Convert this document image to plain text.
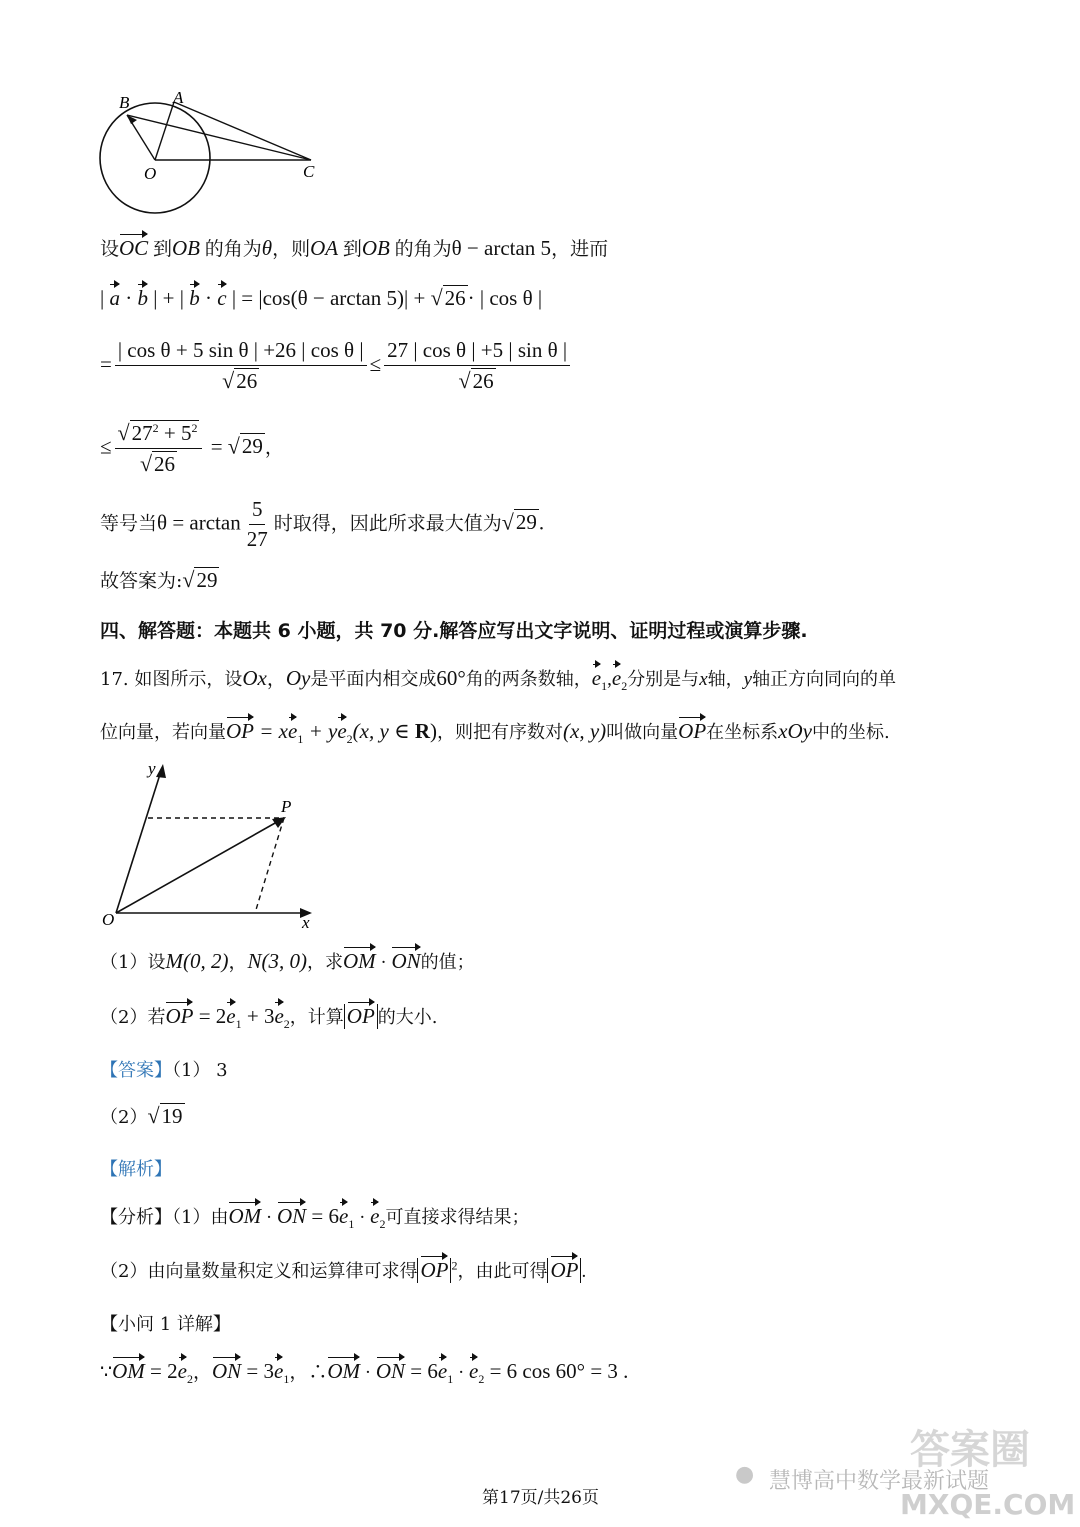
B	A
O	C
设OC 到OB 的角为θ，则OA 到OB 的角为θ − arctan 5，进而
| a · b | + | b · c | = |cos(θ − arctan 5)| + √26· | cos θ |
= $\frac{\text{| cos θ + 5 sin θ | +26 | cos θ |}}{√26} \le \frac{\text{27 | cos θ | +5 | sin θ |}}{√26}$
≤ $\frac{√27^2 + 5^2}{√26} = √29$ ，
等号当$\theta = \arctan \frac{5}{27}$ 时取得，因此所求最大值为√29.
故答案为:√29
四、解答题：本题共 6 小题，共 70 分.解答应写出文字说明、证明过程或演算步骤.
17. 如图所示，设Ox，Oy是平面内相交成60°角的两条数轴，$e_1,e_2$分别是与x轴，y轴正方向同向的单
位向量，若向量OP = $xe_1 + ye_2(x$, y ∈ R)，则把有序数对(x, y)叫做向量OP在坐标系xOy中的坐标.
y
P
O	x
（1）设M(0, 2)，N(3, 0)，求OM · ON的值；
（2）若OP = $2e_1 + 3e_2$，计算 OP 的大小.
【答案】（1） 3
（2）√19
【解析】
【分析】（1）由OM · ON = $6e_1 \cdot e_2$可直接求得结果；
（2）由向量数量积定义和运算律可求得 OP $^2$，由此可得 OP .
【小问 1 详解】
∵OM = $2e_2$，ON = $3e_1$，∴OM · ON = $6e_1 \cdot e_2 = 6$ cos 60° = 3 .
● 慧博高中数学最新试题
答案圈
MXQE.COM
第17页/共26页
